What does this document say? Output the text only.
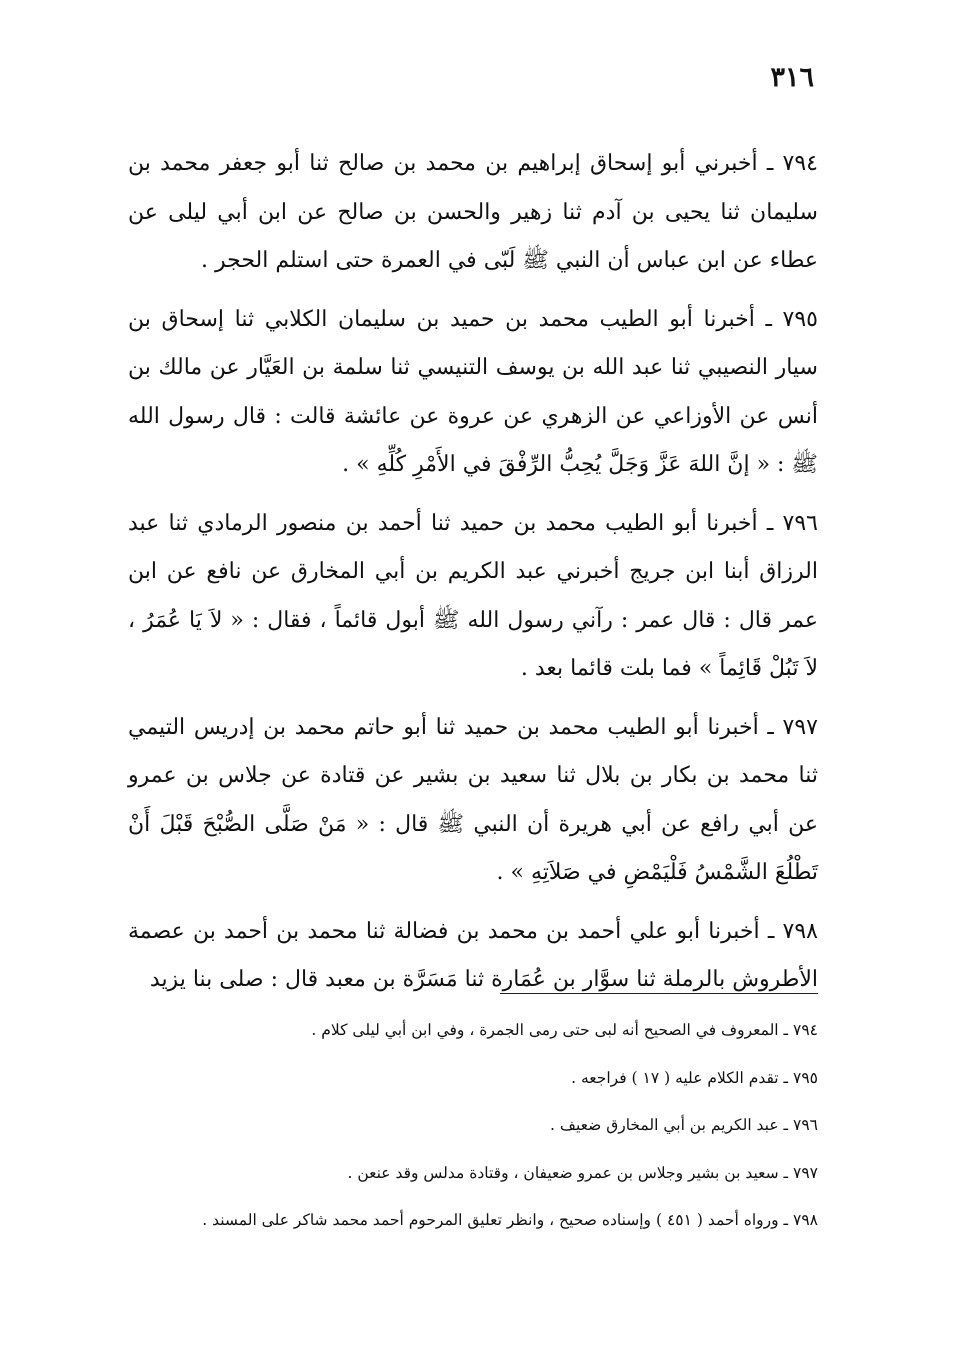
٣١٦

٧٩٤ ـ أخبرني أبو إسحاق إبراهيم بن محمد بن صالح ثنا أبو جعفر محمد بن سليمان ثنا يحيى بن آدم ثنا زهير والحسن بن صالح عن ابن أبي ليلى عن عطاء عن ابن عباس أن النبي ﷺ لَبّى في العمرة حتى استلم الحجر .

٧٩٥ ـ أخبرنا أبو الطيب محمد بن حميد بن سليمان الكلابي ثنا إسحاق بن سيار النصيبي ثنا عبد الله بن يوسف التنيسي ثنا سلمة بن العَيَّار عن مالك بن أنس عن الأوزاعي عن الزهري عن عروة عن عائشة قالت : قال رسول الله ﷺ : « إنَّ اللهَ عَزَّ وَجَلَّ يُحِبُّ الرِّفْقَ في الأَمْرِ كُلِّهِ » .

٧٩٦ ـ أخبرنا أبو الطيب محمد بن حميد ثنا أحمد بن منصور الرمادي ثنا عبد الرزاق أبنا ابن جريج أخبرني عبد الكريم بن أبي المخارق عن نافع عن ابن عمر قال : قال عمر : رآني رسول الله ﷺ أبول قائماً ، فقال : « لاَ يَا عُمَرُ ، لاَ تَبُلْ قَائِماً » فما بلت قائما بعد .

٧٩٧ ـ أخبرنا أبو الطيب محمد بن حميد ثنا أبو حاتم محمد بن إدريس التيمي ثنا محمد بن بكار بن بلال ثنا سعيد بن بشير عن قتادة عن جلاس بن عمرو عن أبي رافع عن أبي هريرة أن النبي ﷺ قال : « مَنْ صَلَّى الصُّبْحَ قَبْلَ أَنْ تَطْلُعَ الشَّمْسُ فَلْيَمْضِ في صَلاَتِهِ » .

٧٩٨ ـ أخبرنا أبو علي أحمد بن محمد بن فضالة ثنا محمد بن أحمد بن عصمة الأطروش بالرملة ثنا سوَّار بن عُمَارة ثنا مَسَرَّة بن معبد قال : صلى بنا يزيد

٧٩٤ ـ المعروف في الصحيح أنه لبى حتى رمى الجمرة ، وفي ابن أبي ليلى كلام .

٧٩٥ ـ تقدم الكلام عليه ( ١٧ ) فراجعه .

٧٩٦ ـ عبد الكريم بن أبي المخارق ضعيف .

٧٩٧ ـ سعيد بن بشير وجلاس بن عمرو ضعيفان ، وقتادة مدلس وقد عنعن .

٧٩٨ ـ ورواه أحمد ( ٤٥١ ) وإسناده صحيح ، وانظر تعليق المرحوم أحمد محمد شاكر على المسند .
